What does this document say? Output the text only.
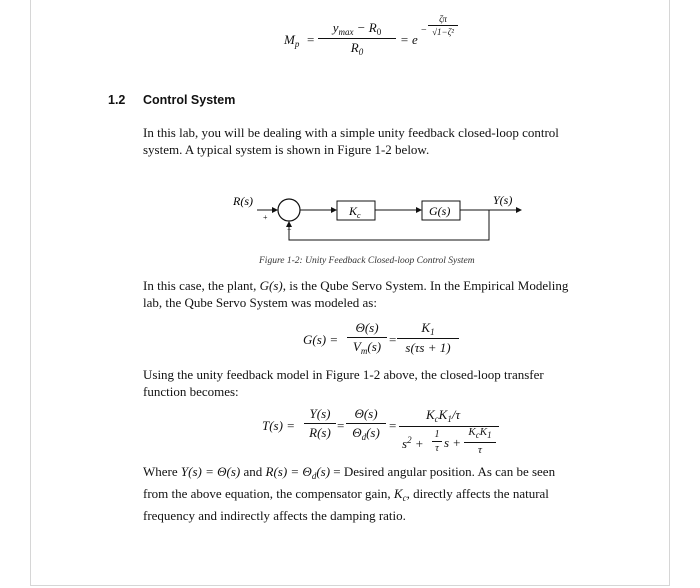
$M_p$ =
$y_{max} - R_0$
$R_0$
= e
−
ζπ
√1−ζ²
1.2 Control System
In this lab, you will be dealing with a simple unity feedback closed-loop control
system. A typical system is shown in Figure 1-2 below.
R(s)
+
−
$K_c$	G(s)
Y(s)
Figure 1-2: Unity Feedback Closed-loop Control System
In this case, the plant, G(s), is the Qube Servo System. In the Empirical Modeling
lab, the Qube Servo System was modeled as:
G(s) =
Θ(s)
$V_m(s)$ =
$K_1$
s(τs + 1)
Using the unity feedback model in Figure 1-2 above, the closed-loop transfer
function becomes:
T(s) =
Y(s)
R(s) =
Θ(s)
$\Theta_d(s)$ =
$K_cK_1/\tau$
$s^2$ +
1
τ s +
$K_cK_1$
τ
Where Y(s) = Θ(s) and $R(s) = \Theta_d(s)$ = Desired angular position. As can be seen
from the above equation, the compensator gain, $K_c$, directly affects the natural
frequency and indirectly affects the damping ratio.
